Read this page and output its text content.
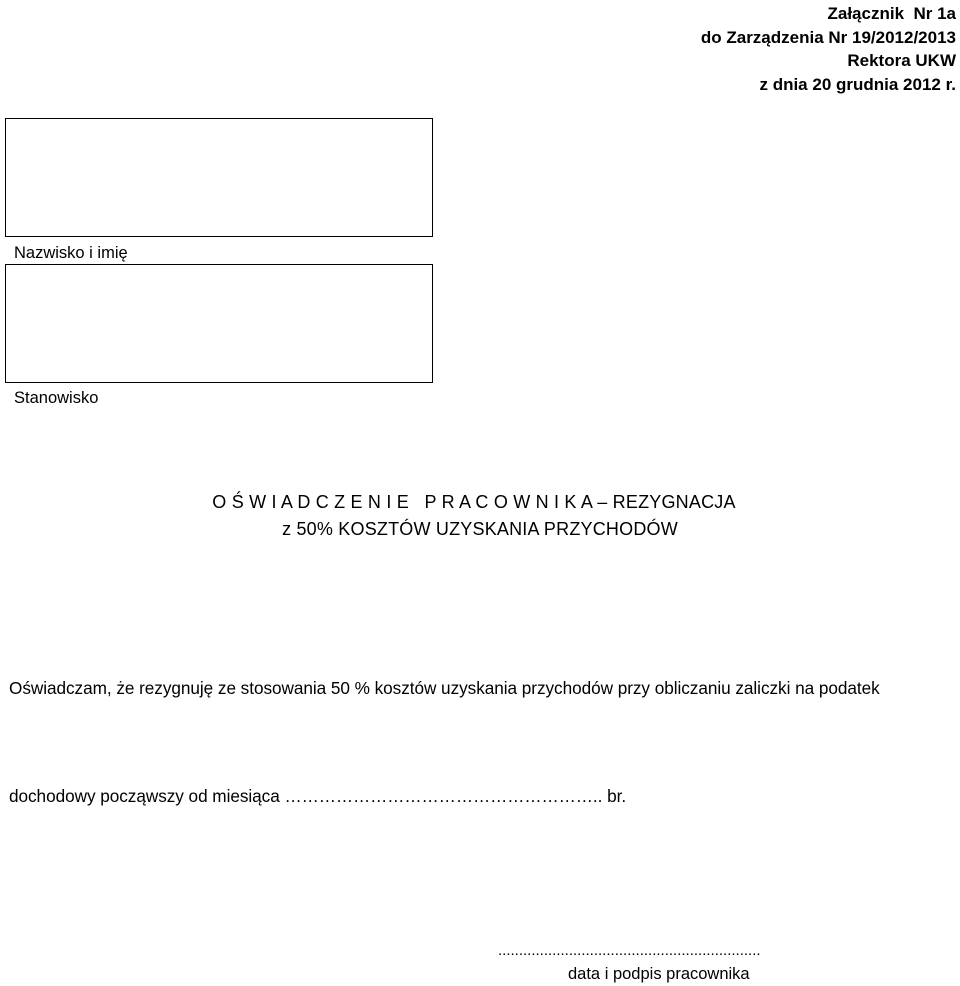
Załącznik  Nr 1a
do Zarządzenia Nr 19/2012/2013
Rektora UKW
z dnia 20 grudnia 2012 r.
Nazwisko i imię
Stanowisko
O Ś W I A D C Z E N I E   P R A C O W N I K A – REZYGNACJA
z 50% KOSZTÓW UZYSKANIA PRZYCHODÓW
Oświadczam, że rezygnuję ze stosowania 50 % kosztów uzyskania przychodów przy obliczaniu zaliczki na podatek
dochodowy począwszy od miesiąca ……………………………………………….. br.
...............................................................
data i podpis pracownika
